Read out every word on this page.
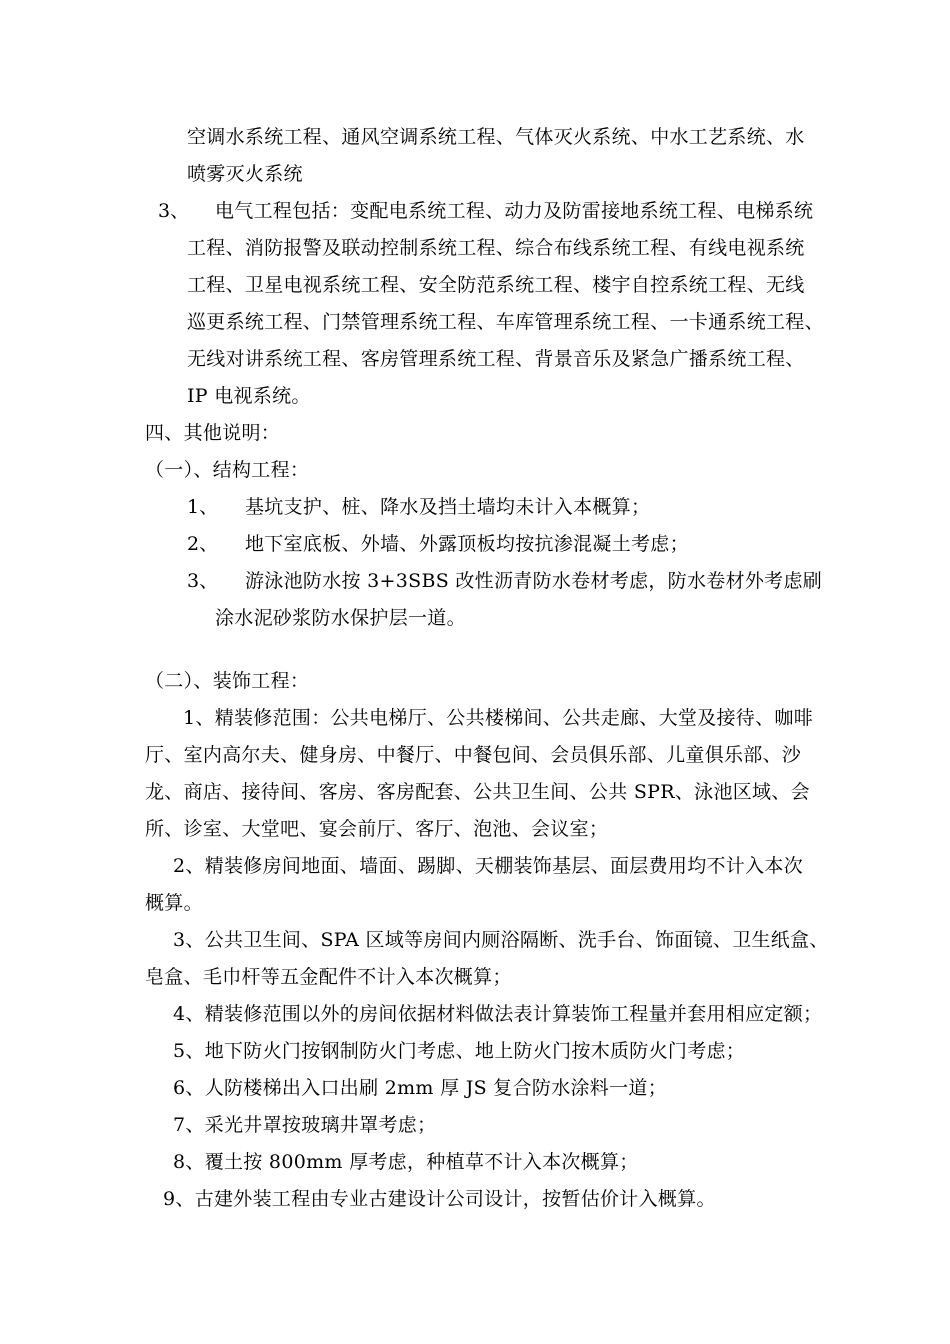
空调水系统工程、通风空调系统工程、气体灭火系统、中水工艺系统、水
喷雾灭火系统
3、 电气工程包括：变配电系统工程、动力及防雷接地系统工程、电梯系统
工程、消防报警及联动控制系统工程、综合布线系统工程、有线电视系统
工程、卫星电视系统工程、安全防范系统工程、楼宇自控系统工程、无线
巡更系统工程、门禁管理系统工程、车库管理系统工程、一卡通系统工程、
无线对讲系统工程、客房管理系统工程、背景音乐及紧急广播系统工程、
IP 电视系统。
四、其他说明：
（一）、结构工程：
1、 基坑支护、桩、降水及挡土墙均未计入本概算；
2、 地下室底板、外墙、外露顶板均按抗渗混凝土考虑；
3、 游泳池防水按 3+3SBS 改性沥青防水卷材考虑，防水卷材外考虑刷
涂水泥砂浆防水保护层一道。
（二）、装饰工程：
1、精装修范围：公共电梯厅、公共楼梯间、公共走廊、大堂及接待、咖啡
厅、室内高尔夫、健身房、中餐厅、中餐包间、会员俱乐部、儿童俱乐部、沙
龙、商店、接待间、客房、客房配套、公共卫生间、公共 SPR、泳池区域、会
所、诊室、大堂吧、宴会前厅、客厅、泡池、会议室；
2、精装修房间地面、墙面、踢脚、天棚装饰基层、面层费用均不计入本次
概算。
3、公共卫生间、SPA 区域等房间内厕浴隔断、洗手台、饰面镜、卫生纸盒、
皂盒、毛巾杆等五金配件不计入本次概算；
4、精装修范围以外的房间依据材料做法表计算装饰工程量并套用相应定额；
5、地下防火门按钢制防火门考虑、地上防火门按木质防火门考虑；
6、人防楼梯出入口出刷 2mm 厚 JS 复合防水涂料一道；
7、采光井罩按玻璃井罩考虑；
8、覆土按 800mm 厚考虑，种植草不计入本次概算；
9、古建外装工程由专业古建设计公司设计，按暂估价计入概算。
